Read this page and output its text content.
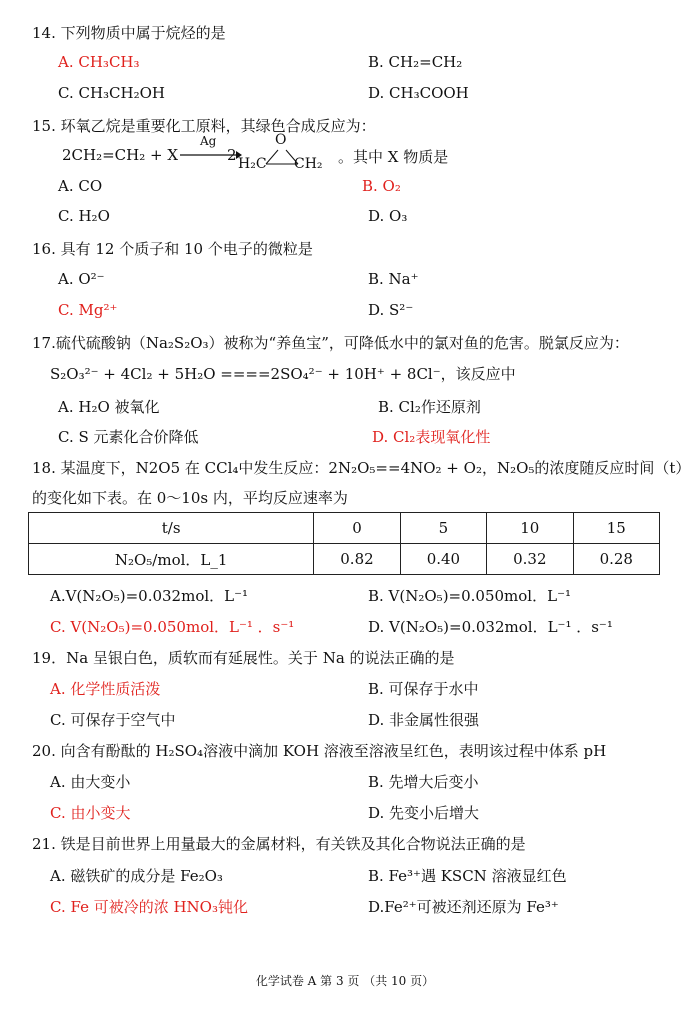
14. 下列物质中属于烷烃的是
A. CH₃CH₃	B. CH₂=CH₂
C. CH₃CH₂OH	D. CH₃COOH
15. 环氧乙烷是重要化工原料，其绿色合成反应为：
2CH₂=CH₂ + X
Ag
2 H₂C
O
CH₂ 。其中 X 物质是
A. CO	B. O₂
C. H₂O	D. O₃
16. 具有 12 个质子和 10 个电子的微粒是
A. O²⁻	B. Na⁺
C. Mg²⁺	D. S²⁻
17.硫代硫酸钠（Na₂S₂O₃）被称为“养鱼宝”，可降低水中的氯对鱼的危害。脱氯反应为：
S₂O₃²⁻ + 4Cl₂ + 5H₂O ====2SO₄²⁻ + 10H⁺ + 8Cl⁻，该反应中
A. H₂O 被氧化	B. Cl₂作还原剂
C. S 元素化合价降低	D. Cl₂表现氧化性
18. 某温度下，N2O5 在 CCl₄中发生反应：2N₂O₅==4NO₂ + O₂，N₂O₅的浓度随反应时间（t）
的变化如下表。在 0～10s 内，平均反应速率为
t/s	0	5	10	15
N₂O₅/mol．L_1	0.82	0.40	0.32	0.28
A.V(N₂O₅)=0.032mol．L⁻¹	B. V(N₂O₅)=0.050mol．L⁻¹
C. V(N₂O₅)=0.050mol．L⁻¹ ．s⁻¹	D. V(N₂O₅)=0.032mol．L⁻¹ ．s⁻¹
19．Na 呈银白色，质软而有延展性。关于 Na 的说法正确的是
A. 化学性质活泼	B. 可保存于水中
C. 可保存于空气中	D. 非金属性很强
20. 向含有酚酞的 H₂SO₄溶液中滴加 KOH 溶液至溶液呈红色，表明该过程中体系 pH
A. 由大变小	B. 先增大后变小
C. 由小变大	D. 先变小后增大
21. 铁是目前世界上用量最大的金属材料，有关铁及其化合物说法正确的是
A. 磁铁矿的成分是 Fe₂O₃	B. Fe³⁺遇 KSCN 溶液显红色
C. Fe 可被冷的浓 HNO₃钝化	D.Fe²⁺可被还剂还原为 Fe³⁺
化学试卷 A 第 3 页 （共 10 页）
